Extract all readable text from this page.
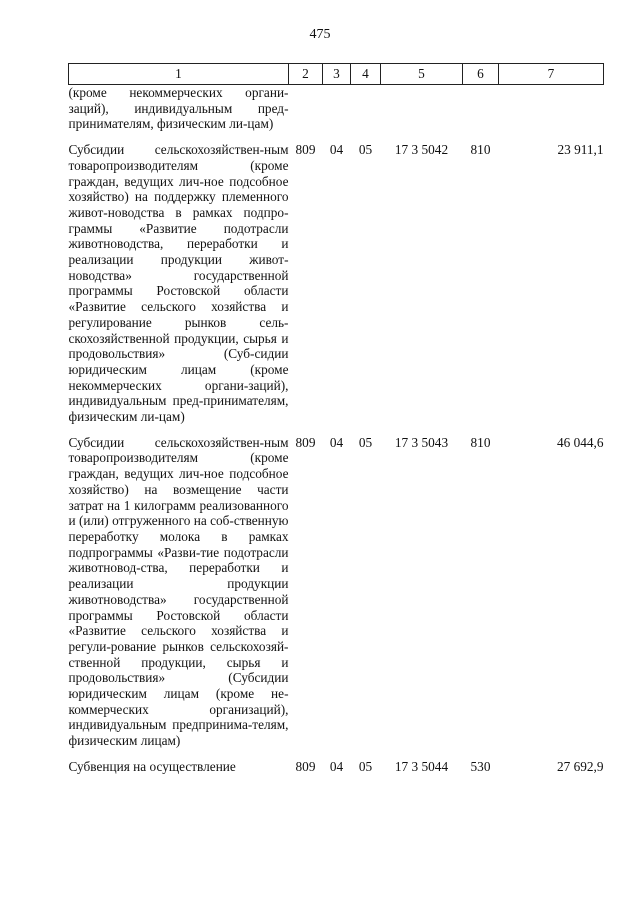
475
1	2	3	4	5	6	7
(кроме некоммерческих органи-заций), индивидуальным пред-принимателям, физическим ли-цам)						

Субсидии сельскохозяйствен-ным товаропроизводителям (кроме граждан, ведущих лич-ное подсобное хозяйство) на поддержку племенного живот-новодства в рамках подпро-граммы «Развитие подотрасли животноводства, переработки и реализации продукции живот-новодства» государственной программы Ростовской области «Развитие сельского хозяйства и регулирование рынков сель-скохозяйственной продукции, сырья и продовольствия» (Суб-сидии юридическим лицам (кроме некоммерческих органи-заций), индивидуальным пред-принимателям, физическим ли-цам)	809	04	05	17 3 5042	810	23 911,1

Субсидии сельскохозяйствен-ным товаропроизводителям (кроме граждан, ведущих лич-ное подсобное хозяйство) на возмещение части затрат на 1 килограмм реализованного и (или) отгруженного на соб-ственную переработку молока в рамках подпрограммы «Разви-тие подотрасли животновод-ства, переработки и реализации продукции животноводства» государственной программы Ростовской области «Развитие сельского хозяйства и регули-рование рынков сельскохозяй-ственной продукции, сырья и продовольствия» (Субсидии юридическим лицам (кроме не-коммерческих организаций), индивидуальным предпринима-телям, физическим лицам)	809	04	05	17 3 5043	810	46 044,6

Субвенция на осуществление	809	04	05	17 3 5044	530	27 692,9
